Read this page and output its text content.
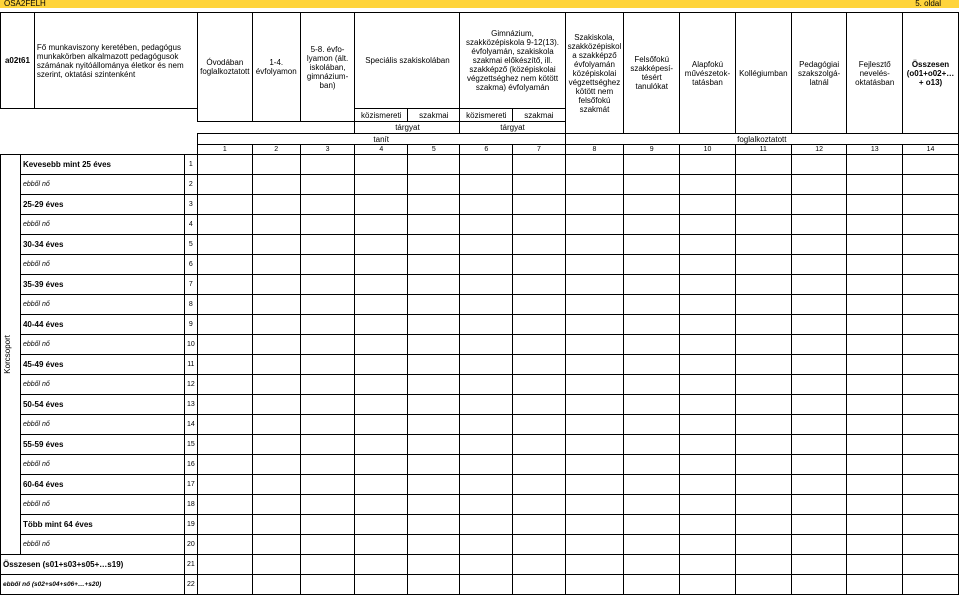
OSA2FELH	5. oldal
a02t61		Fő munkaviszony keretében, pedagógus munkakörben alkalmazott pedagógusok számának nyitóállománya életkor és nem szerint, oktatási szintenként		Óvodában foglalkoztatott	1-4. évfolyamon	5-8. évfo-lyamon (ált. iskolában, gimnázium-ban)	Speciális szakiskolában		Gimnázium, szakközépiskola 9-12(13). évfolyamán, szakiskola szakmai előkészítő, ill. szakképző (középiskolai végzettséghez nem kötött szakma) évfolyamán		Szakiskola, szakközépiskol a szakképző évfolyamán középiskolai végzettséghez kötött nem felsőfokú szakmát	Felsőfokú szakképesí-tésért tanulókat	Alapfokú művészetok-tatásban	Kollégiumban	Pedagógiai szakszolgá-latnál	Fejlesztő nevelés-oktatásban	Összesen (o01+o02+…+ o13)
							közismereti	szakmai	közismereti	szakmai							
							tárgyat		tárgyat								
				tanít							foglalkoztatott						
				1	2	3	4	5	6	7	8	9	10	11	12	13	14

Korcsoport	Kevesebb mint 25 éves		1														
	ebből nő		2														
	25-29 éves		3														
	ebből nő		4														
	30-34 éves		5														
	ebből nő		6														
	35-39 éves		7														
	ebből nő		8														
	40-44 éves		9														
	ebből nő		10														
	45-49 éves		11														
	ebből nő		12														
	50-54 éves		13														
	ebből nő		14														
	55-59 éves		15														
	ebből nő		16														
	60-64 éves		17														
	ebből nő		18														
	Több mint 64 éves		19														
	ebből nő		20														
Összesen (s01+s03+s05+…s19)			21														
ebből nő (s02+s04+s06+…+s20)			22														
